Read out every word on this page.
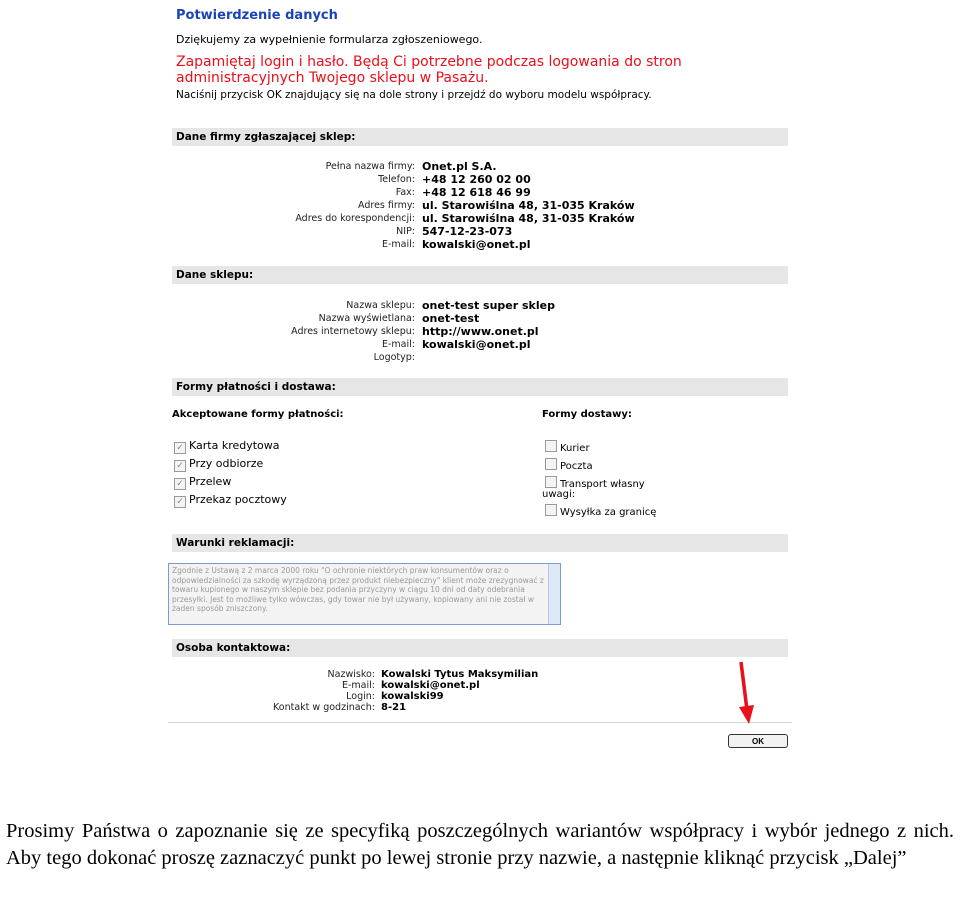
Potwierdzenie danych
Dziękujemy za wypełnienie formularza zgłoszeniowego.
Zapamiętaj login i hasło. Będą Ci potrzebne podczas logowania do stron administracyjnych Twojego sklepu w Pasażu.
Naciśnij przycisk OK znajdujący się na dole strony i przejdź do wyboru modelu współpracy.
Dane firmy zgłaszającej sklep:
Pełna nazwa firmy: Onet.pl S.A.
Telefon: +48 12 260 02 00
Fax: +48 12 618 46 99
Adres firmy: ul. Starowiślna 48, 31-035 Kraków
Adres do korespondencji: ul. Starowiślna 48, 31-035 Kraków
NIP: 547-12-23-073
E-mail: kowalski@onet.pl
Dane sklepu:
Nazwa sklepu: onet-test super sklep
Nazwa wyświetlana: onet-test
Adres internetowy sklepu: http://www.onet.pl
E-mail: kowalski@onet.pl
Logotyp:
Formy płatności i dostawa:
Akceptowane formy płatności:	Formy dostawy:
✓ Karta kredytowa
✓ Przy odbiorze
✓ Przelew
✓ Przekaz pocztowy
Kurier
Poczta
Transport własny
uwagi:
Wysyłka za granicę
Warunki reklamacji:
Zgodnie z Ustawą z 2 marca 2000 roku "O ochronie niektórych praw konsumentów oraz o odpowiedzialności za szkodę wyrządzoną przez produkt niebezpieczny" klient może zrezygnować z towaru kupionego w naszym sklepie bez podania przyczyny w ciągu 10 dni od daty odebrania przesyłki. Jest to możliwe tylko wówczas, gdy towar nie był używany, kopiowany ani nie został w żaden sposób zniszczony.
Osoba kontaktowa:
Nazwisko: Kowalski Tytus Maksymilian
E-mail: kowalski@onet.pl
Login: kowalski99
Kontakt w godzinach: 8-21
OK
Prosimy Państwa o zapoznanie się ze specyfiką poszczególnych wariantów współpracy i wybór jednego z nich. Aby tego dokonać proszę zaznaczyć punkt po lewej stronie przy nazwie, a następnie kliknąć przycisk „Dalej”
